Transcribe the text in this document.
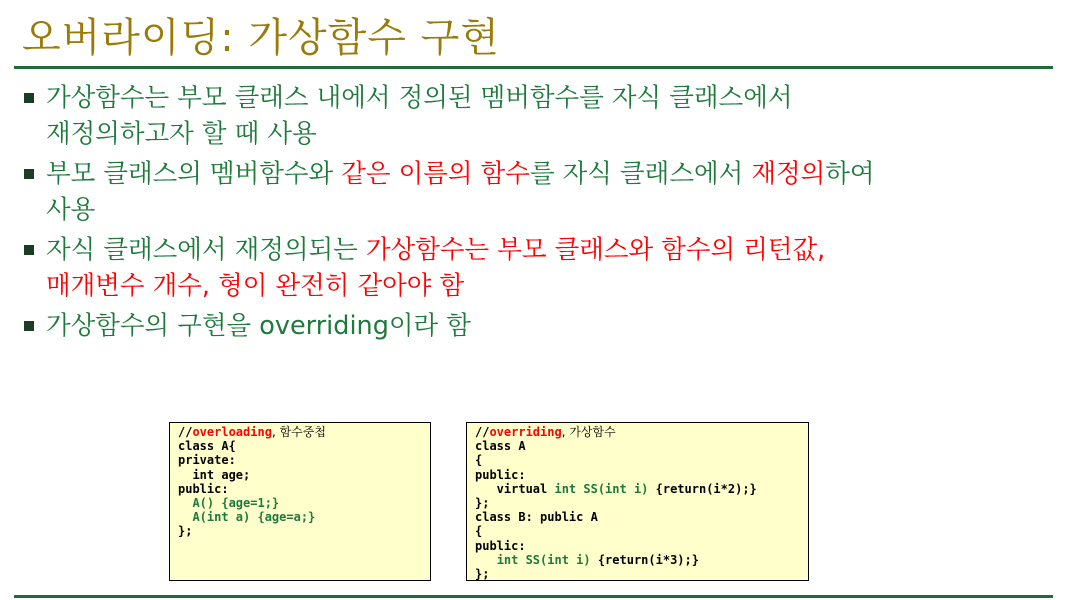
오버라이딩: 가상함수 구현
가상함수는 부모 클래스 내에서 정의된 멤버함수를 자식 클래스에서
재정의하고자 할 때 사용
부모 클래스의 멤버함수와 같은 이름의 함수를 자식 클래스에서 재정의하여
사용
자식 클래스에서 재정의되는 가상함수는 부모 클래스와 함수의 리턴값,
매개변수 개수, 형이 완전히 같아야 함
가상함수의 구현을 overriding이라 함
//overloading, 함수중첩
class A{
private:
int age;
public:
A() {age=1;}
A(int a) {age=a;}
};
//overriding, 가상함수
class A
{
public:
virtual int SS(int i) {return(i*2);}
};
class B: public A
{
public:
int SS(int i) {return(i*3);}
};
